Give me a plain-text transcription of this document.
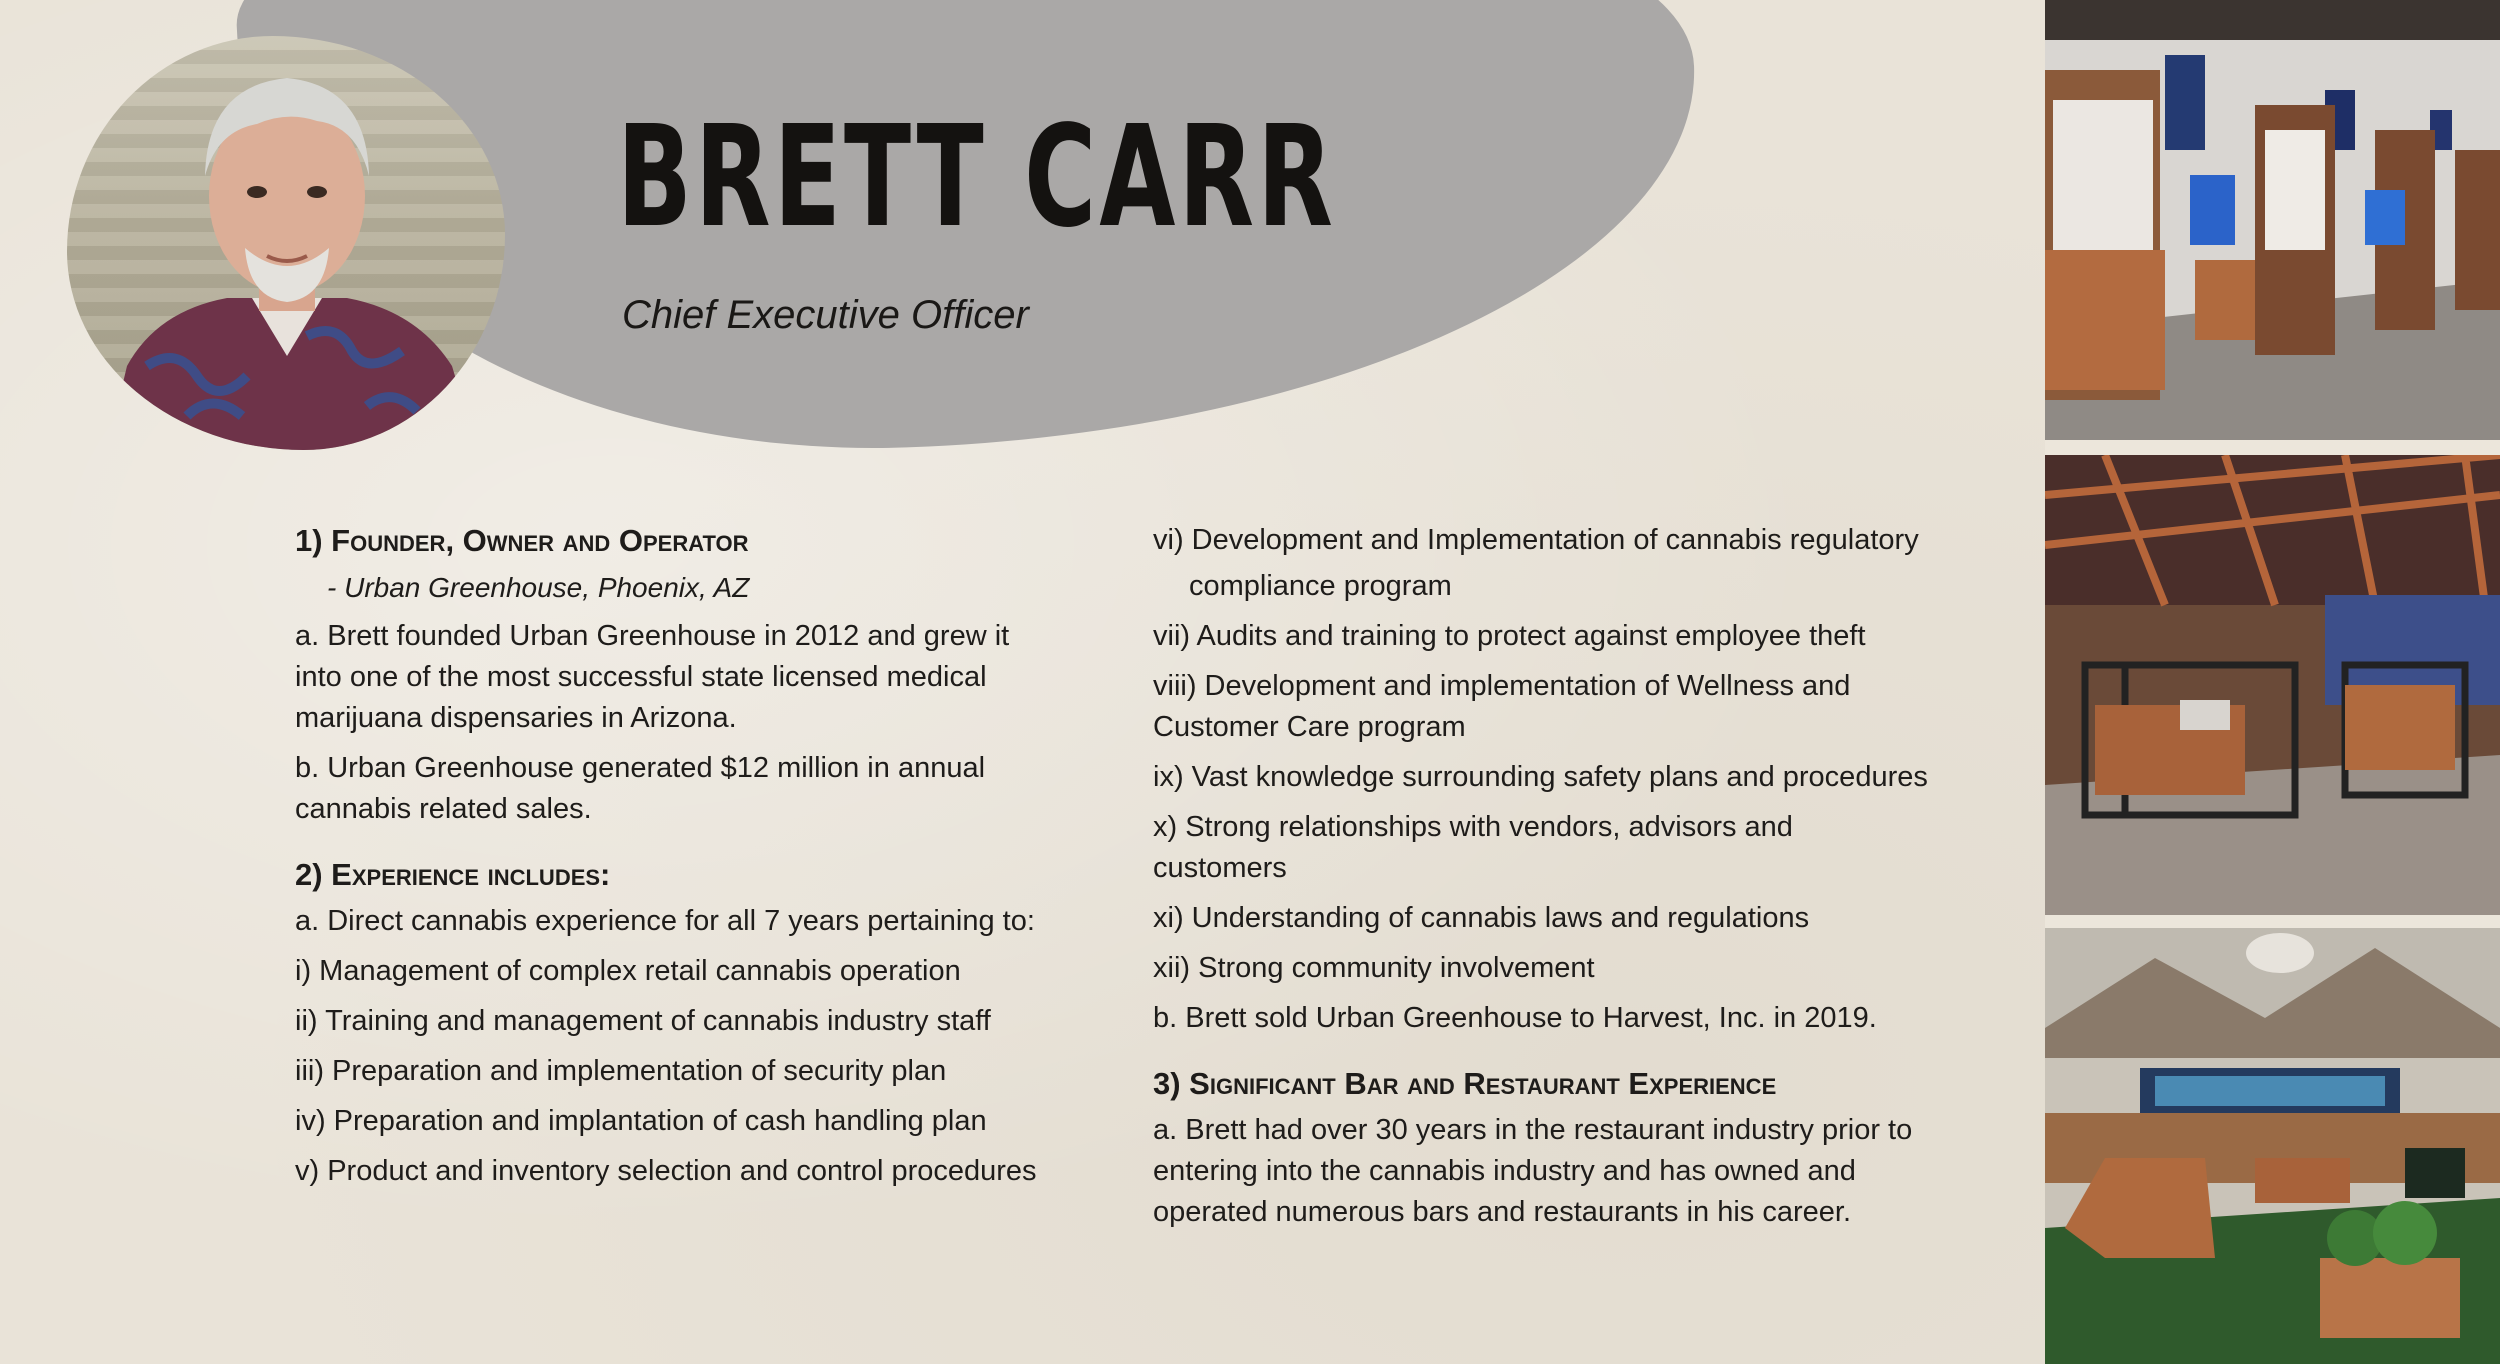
BRETT CARR
Chief Executive Officer

1) Founder, Owner and Operator

- Urban Greenhouse, Phoenix, AZ

a. Brett founded Urban Greenhouse in 2012 and grew it into one of the most successful state licensed medical marijuana dispensaries in Arizona.

b. Urban Greenhouse generated $12 million in annual cannabis related sales.

2) Experience includes:

a. Direct cannabis experience for all 7 years pertaining to:

i) Management of complex retail cannabis operation

ii) Training and management of cannabis industry staff

iii) Preparation and implementation of security plan

iv) Preparation and implantation of cash handling plan

v) Product and inventory selection and control procedures

vi) Development and Implementation of cannabis regulatory

compliance program

vii) Audits and training to protect against employee theft

viii) Development and implementation of Wellness and Customer Care program

ix) Vast knowledge surrounding safety plans and procedures

x) Strong relationships with vendors, advisors and customers

xi) Understanding of cannabis laws and regulations

xii) Strong community involvement

b. Brett sold Urban Greenhouse to Harvest, Inc. in 2019.

3) Significant Bar and Restaurant Experience

a. Brett had over 30 years in the restaurant industry prior to entering into the cannabis industry and has owned and operated numerous bars and restaurants in his career.
